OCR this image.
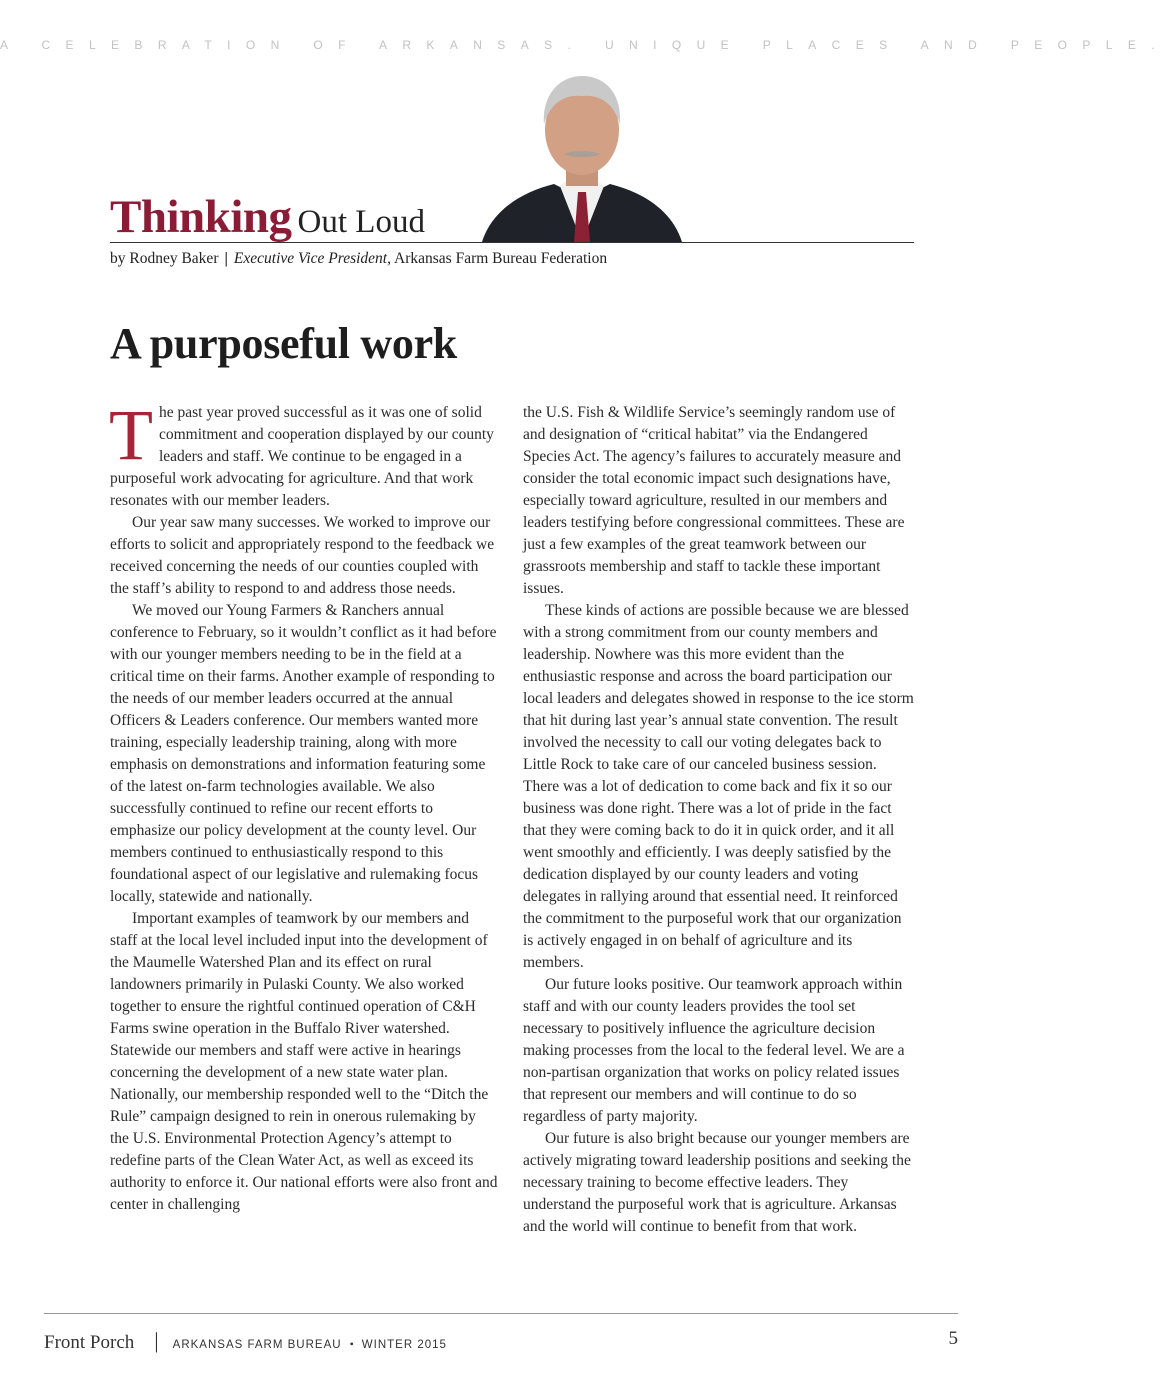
A CELEBRATION OF ARKANSAS. UNIQUE PLACES AND PEOPLE.
Thinking Out Loud
by Rodney Baker | Executive Vice President, Arkansas Farm Bureau Federation
A purposeful work

The past year proved successful as it was one of solid commitment and cooperation displayed by our county leaders and staff. We continue to be engaged in a purposeful work advocating for agriculture. And that work resonates with our member leaders.

Our year saw many successes. We worked to improve our efforts to solicit and appropriately respond to the feedback we received concerning the needs of our counties coupled with the staff’s ability to respond to and address those needs.

We moved our Young Farmers & Ranchers annual conference to February, so it wouldn’t conflict as it had before with our younger members needing to be in the field at a critical time on their farms. Another example of responding to the needs of our member leaders occurred at the annual Officers & Leaders conference. Our members wanted more training, especially leadership training, along with more emphasis on demonstrations and information featuring some of the latest on-farm technologies available. We also successfully continued to refine our recent efforts to emphasize our policy development at the county level. Our members continued to enthusiastically respond to this foundational aspect of our legislative and rulemaking focus locally, statewide and nationally.

Important examples of teamwork by our members and staff at the local level included input into the development of the Maumelle Watershed Plan and its effect on rural landowners primarily in Pulaski County. We also worked together to ensure the rightful continued operation of C&H Farms swine operation in the Buffalo River watershed. Statewide our members and staff were active in hearings concerning the development of a new state water plan. Nationally, our membership responded well to the “Ditch the Rule” campaign designed to rein in onerous rulemaking by the U.S. Environmental Protection Agency’s attempt to redefine parts of the Clean Water Act, as well as exceed its authority to enforce it. Our national efforts were also front and center in challenging

the U.S. Fish & Wildlife Service’s seemingly random use of and designation of “critical habitat” via the Endangered Species Act. The agency’s failures to accurately measure and consider the total economic impact such designations have, especially toward agriculture, resulted in our members and leaders testifying before congressional committees. These are just a few examples of the great teamwork between our grassroots membership and staff to tackle these important issues.

These kinds of actions are possible because we are blessed with a strong commitment from our county members and leadership. Nowhere was this more evident than the enthusiastic response and across the board participation our local leaders and delegates showed in response to the ice storm that hit during last year’s annual state convention. The result involved the necessity to call our voting delegates back to Little Rock to take care of our canceled business session. There was a lot of dedication to come back and fix it so our business was done right. There was a lot of pride in the fact that they were coming back to do it in quick order, and it all went smoothly and efficiently. I was deeply satisfied by the dedication displayed by our county leaders and voting delegates in rallying around that essential need. It reinforced the commitment to the purposeful work that our organization is actively engaged in on behalf of agriculture and its members.

Our future looks positive. Our teamwork approach within staff and with our county leaders provides the tool set necessary to positively influence the agriculture decision making processes from the local to the federal level. We are a non-partisan organization that works on policy related issues that represent our members and will continue to do so regardless of party majority.

Our future is also bright because our younger members are actively migrating toward leadership positions and seeking the necessary training to become effective leaders. They understand the purposeful work that is agriculture. Arkansas and the world will continue to benefit from that work.

Front Porch | ARKANSAS FARM BUREAU • WINTER 2015	5
